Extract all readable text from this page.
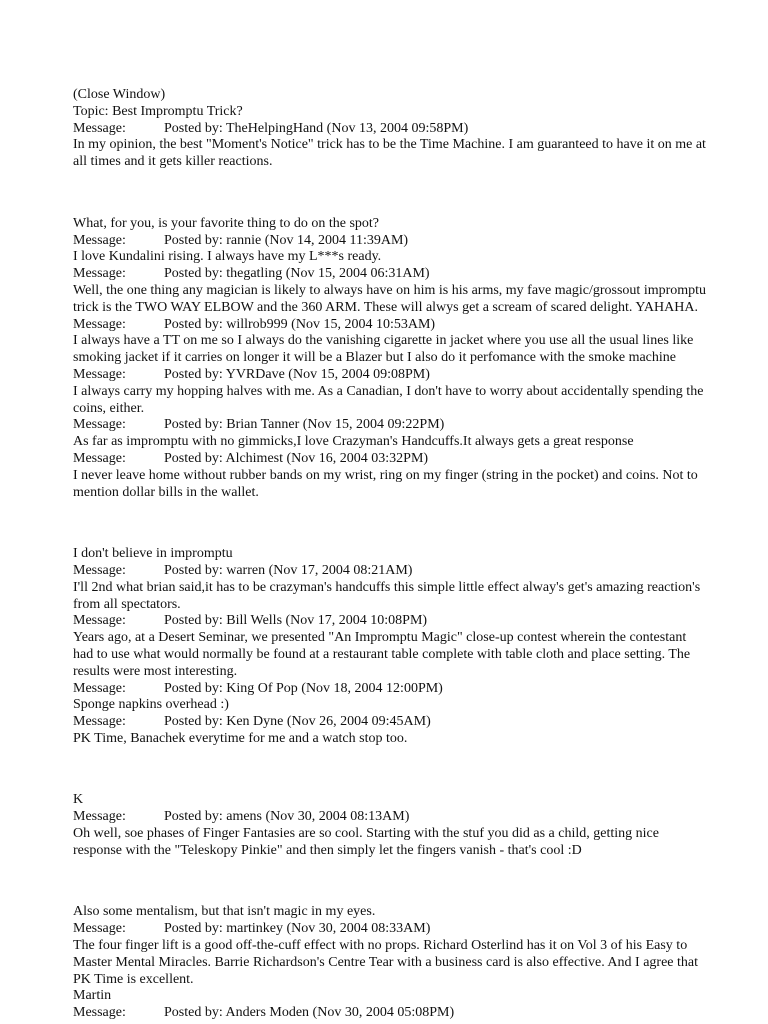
(Close Window)

Topic: Best Impromptu Trick?

Message:	Posted by: TheHelpingHand (Nov 13, 2004 09:58PM)

In my opinion, the best "Moment's Notice" trick has to be the Time Machine. I am guaranteed to have it on me at all times and it gets killer reactions.

What, for you, is your favorite thing to do on the spot?

Message:	Posted by: rannie (Nov 14, 2004 11:39AM)

I love Kundalini rising. I always have my L***s ready.

Message:	Posted by: thegatling (Nov 15, 2004 06:31AM)

Well, the one thing any magician is likely to always have on him is his arms, my fave magic/grossout impromptu trick is the TWO WAY ELBOW and the 360 ARM. These will alwys get a scream of scared delight. YAHAHA.

Message:	Posted by: willrob999 (Nov 15, 2004 10:53AM)

I always have a TT on me so I always do the vanishing cigarette in jacket where you use all the usual lines like smoking jacket if it carries on longer it will be a Blazer but I also do it perfomance with the smoke machine

Message:	Posted by: YVRDave (Nov 15, 2004 09:08PM)

I always carry my hopping halves with me. As a Canadian, I don't have to worry about accidentally spending the coins, either.

Message:	Posted by: Brian Tanner (Nov 15, 2004 09:22PM)

As far as impromptu with no gimmicks,I love Crazyman's Handcuffs.It always gets a great response

Message:	Posted by: Alchimest (Nov 16, 2004 03:32PM)

I never leave home without rubber bands on my wrist, ring on my finger (string in the pocket) and coins. Not to mention dollar bills in the wallet.

I don't believe in impromptu

Message:	Posted by: warren (Nov 17, 2004 08:21AM)

I'll 2nd what brian said,it has to be crazyman's handcuffs this simple little effect alway's get's amazing reaction's from all spectators.

Message:	Posted by: Bill Wells (Nov 17, 2004 10:08PM)

Years ago, at a Desert Seminar, we presented "An Impromptu Magic" close-up contest wherein the contestant had to use what would normally be found at a restaurant table complete with table cloth and place setting. The results were most interesting.

Message:	Posted by: King Of Pop (Nov 18, 2004 12:00PM)

Sponge napkins overhead :)

Message:	Posted by: Ken Dyne (Nov 26, 2004 09:45AM)

PK Time, Banachek everytime for me and a watch stop too.

K

Message:	Posted by: amens (Nov 30, 2004 08:13AM)

Oh well, soe phases of Finger Fantasies are so cool. Starting with the stuf you did as a child, getting nice response with the "Teleskopy Pinkie" and then simply let the fingers vanish - that's cool :D

Also some mentalism, but that isn't magic in my eyes.

Message:	Posted by: martinkey (Nov 30, 2004 08:33AM)

The four finger lift is a good off-the-cuff effect with no props. Richard Osterlind has it on Vol 3 of his Easy to Master Mental Miracles. Barrie Richardson's Centre Tear with a business card is also effective. And I agree that PK Time is excellent.

Martin

Message:	Posted by: Anders Moden (Nov 30, 2004 05:08PM)
